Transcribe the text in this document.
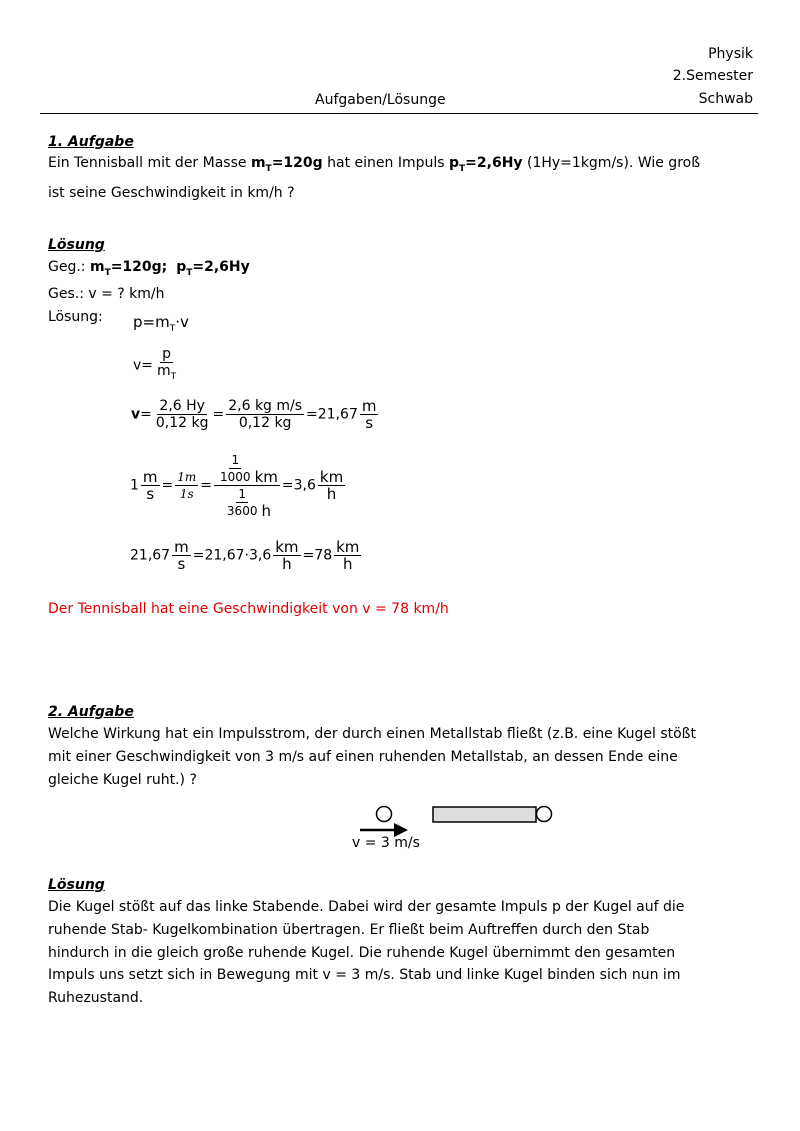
Physik
2.Semester
Schwab
Aufgaben/Lösunge
1. Aufgabe
Ein Tennisball mit der Masse $m_T=120g$ hat einen Impuls $p_T=2,6Hy$ (1Hy=1kgm/s). Wie groß
ist seine Geschwindigkeit in km/h ?
Lösung
Geg.: $m_T=120g$; $p_T=2,6Hy$
Ges.: v = ? km/h
Lösung: $p=m_T\cdot v$
$v= \frac{p}{m_T}$
$v= \frac{2,6 Hy}{0,12 kg} = \frac{\text{2,6 kg m/s}}{0,12 kg} =21,67 \frac{m}{s}$
$1 \frac{m}{s} = \frac{1m}{1s} = \frac{\frac{1}{1000} km}{\frac{1}{3600} h} =3,6 \frac{km}{h}$
$21,67 \frac{m}{s} =21,67\cdot 3,6 \frac{km}{h} =78 \frac{km}{h}$
Der Tennisball hat eine Geschwindigkeit von v = 78 km/h
2. Aufgabe
Welche Wirkung hat ein Impulsstrom, der durch einen Metallstab fließt (z.B. eine Kugel stößt
mit einer Geschwindigkeit von 3 m/s auf einen ruhenden Metallstab, an dessen Ende eine
gleiche Kugel ruht.) ?
v = 3 m/s
Lösung
Die Kugel stößt auf das linke Stabende. Dabei wird der gesamte Impuls p der Kugel auf die
ruhende Stab- Kugelkombination übertragen. Er fließt beim Auftreffen durch den Stab
hindurch in die gleich große ruhende Kugel. Die ruhende Kugel übernimmt den gesamten
Impuls uns setzt sich in Bewegung mit v = 3 m/s. Stab und linke Kugel binden sich nun im
Ruhezustand.
